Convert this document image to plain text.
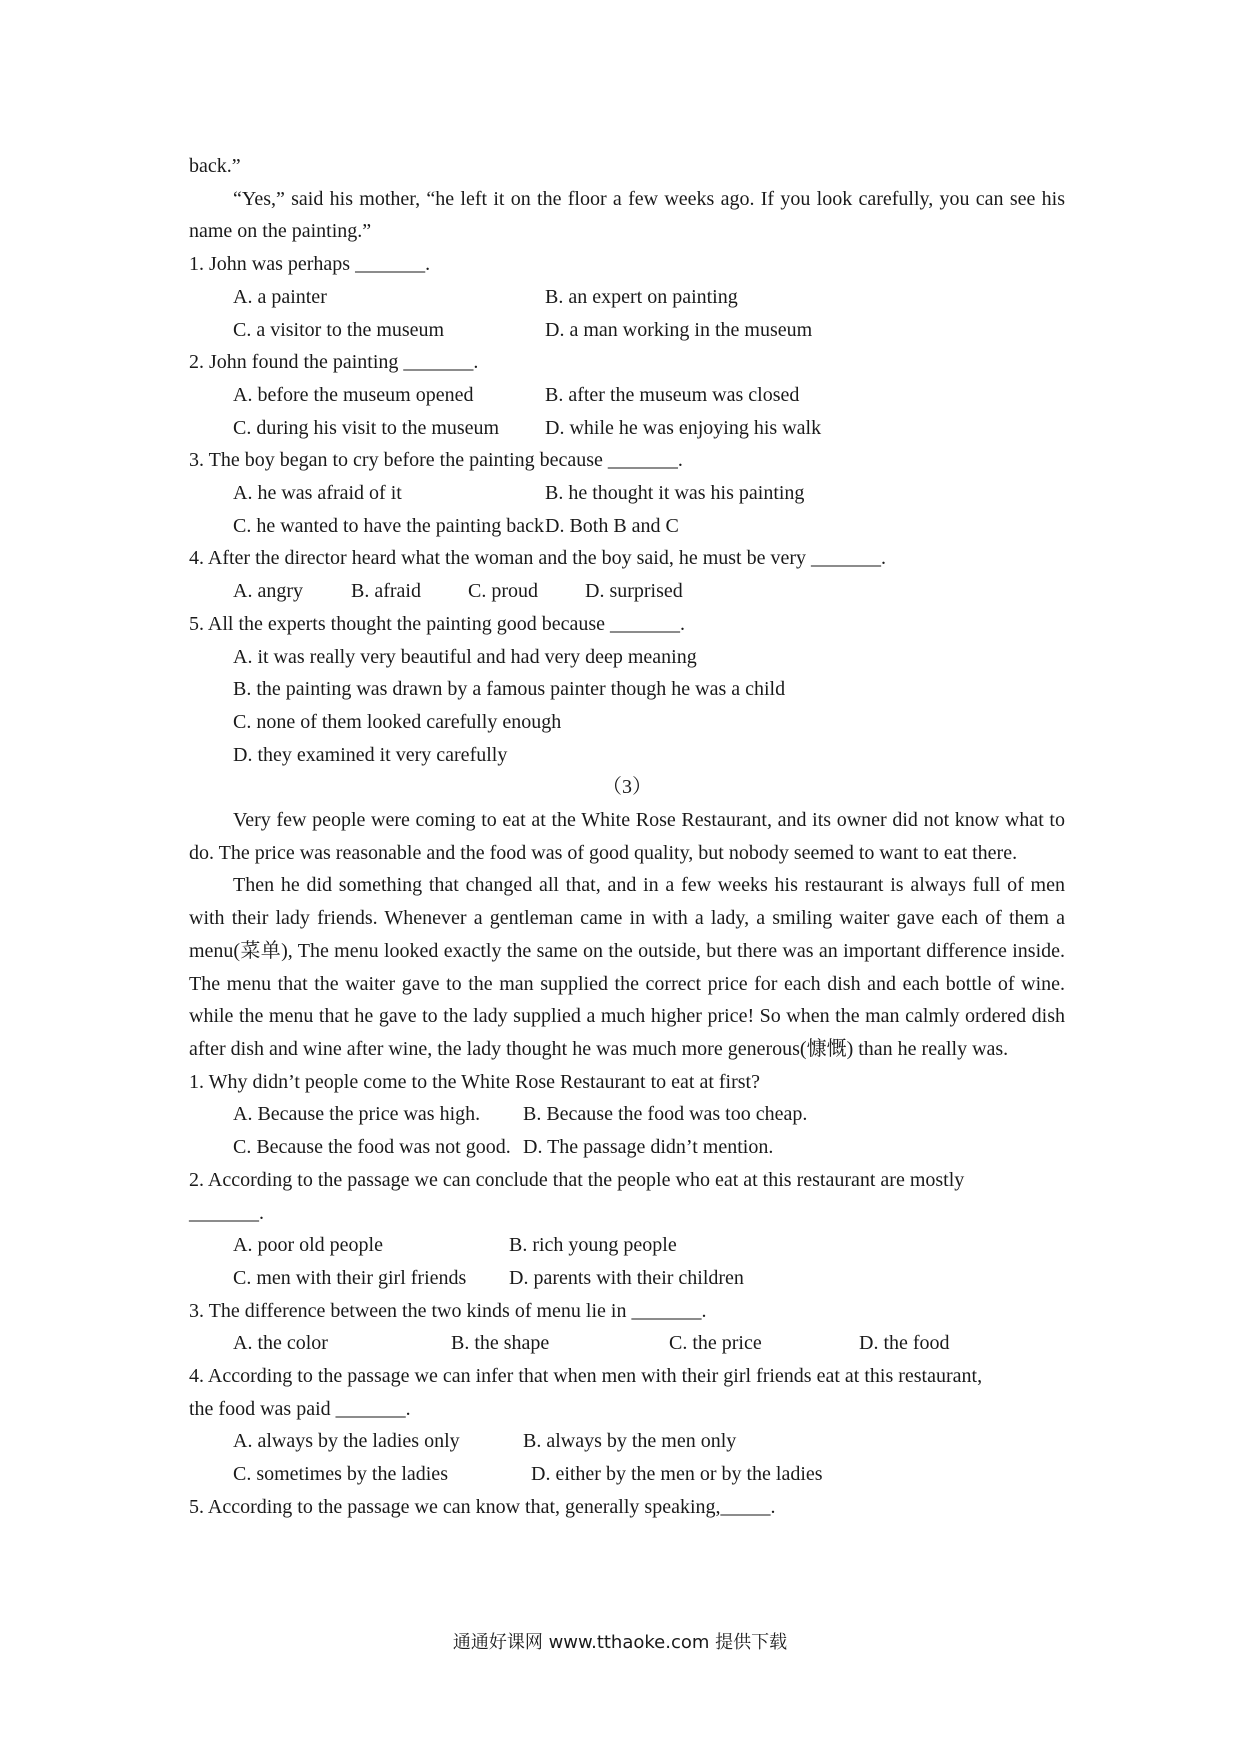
back.”

“Yes,” said his mother, “he left it on the floor a few weeks ago. If you look carefully, you can see his name on the painting.”

1. John was perhaps _______.

A. a painter	B. an expert on painting
C. a visitor to the museum	D. a man working in the museum

2. John found the painting _______.

A. before the museum opened	B. after the museum was closed
C. during his visit to the museum	D. while he was enjoying his walk

3. The boy began to cry before the painting because _______.

A. he was afraid of it	B. he thought it was his painting
C. he wanted to have the painting back D. Both B and C

4. After the director heard what the woman and the boy said, he must be very _______.

A. angry	B. afraid	C. proud	D. surprised

5. All the experts thought the painting good because _______.

A. it was really very beautiful and had very deep meaning
B. the painting was drawn by a famous painter though he was a child
C. none of them looked carefully enough
D. they examined it very carefully

（3）

Very few people were coming to eat at the White Rose Restaurant, and its owner did not know what to do. The price was reasonable and the food was of good quality, but nobody seemed to want to eat there.

Then he did something that changed all that, and in a few weeks his restaurant is always full of men with their lady friends. Whenever a gentleman came in with a lady, a smiling waiter gave each of them a menu(菜单), The menu looked exactly the same on the outside, but there was an important difference inside. The menu that the waiter gave to the man supplied the correct price for each dish and each bottle of wine. while the menu that he gave to the lady supplied a much higher price! So when the man calmly ordered dish after dish and wine after wine, the lady thought he was much more generous(慷慨) than he really was.

1. Why didn’t people come to the White Rose Restaurant to eat at first?

A. Because the price was high.	B. Because the food was too cheap.
C. Because the food was not good. D. The passage didn’t mention.

2. According to the passage we can conclude that the people who eat at this restaurant are mostly

_______.

A. poor old people	B. rich young people
C. men with their girl friends	D. parents with their children

3. The difference between the two kinds of menu lie in _______.

A. the color	B. the shape	C. the price	D. the food

4. According to the passage we can infer that when men with their girl friends eat at this restaurant,

the food was paid _______.

A. always by the ladies only	B. always by the men only
C. sometimes by the ladies	D. either by the men or by the ladies

5. According to the passage we can know that, generally speaking,_____.

通通好课网 www.tthaoke.com 提供下载
